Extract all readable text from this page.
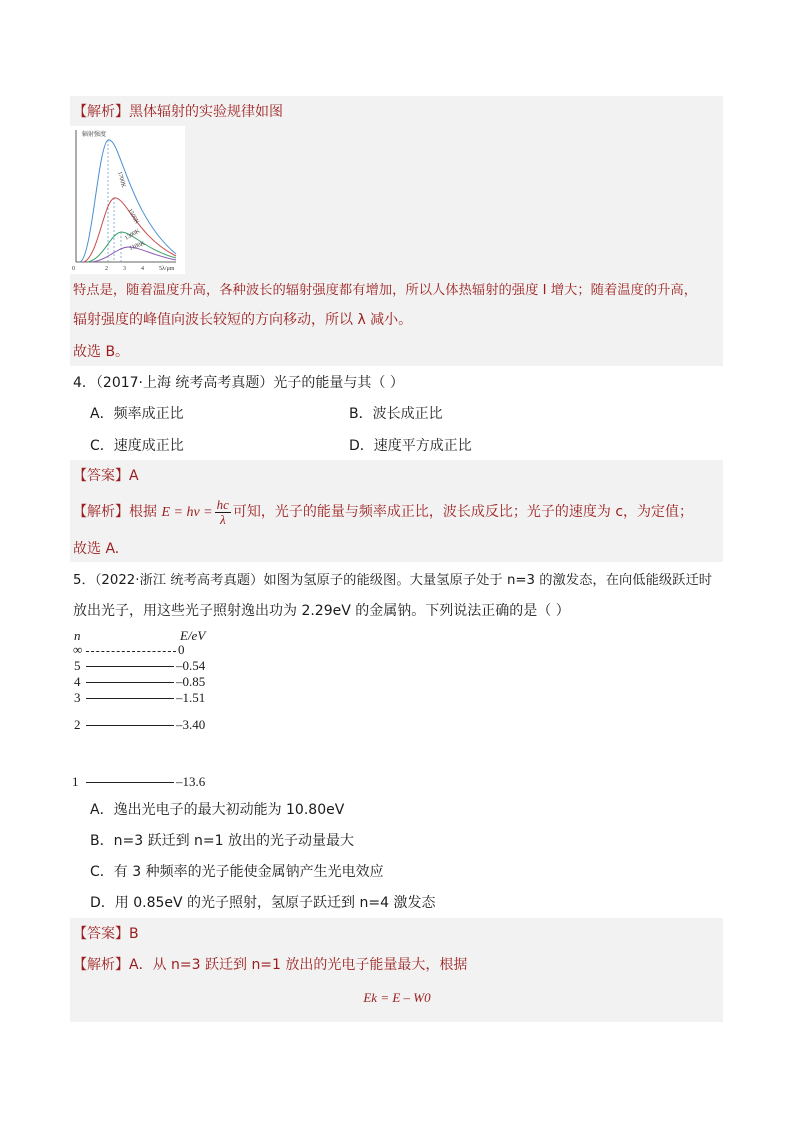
【解析】黑体辐射的实验规律如图
辐射强度
λ/μm
0	2	3	4	5
1700K
1500K
1300K
1100K
特点是，随着温度升高，各种波长的辐射强度都有增加，所以人体热辐射的强度 I 增大；随着温度的升高，
辐射强度的峰值向波长较短的方向移动，所以 λ 减小。
故选 B。
4．（2017·上海 统考高考真题）光子的能量与其（ ）
A．频率成正比	B．波长成正比
C．速度成正比	D．速度平方成正比
【答案】A
【解析】根据 $E = h\nu = \frac{hc}{\lambda}$ 可知，光子的能量与频率成正比，波长成反比；光子的速度为 c，为定值；
故选 A.
5．（2022·浙江 统考高考真题）如图为氢原子的能级图。大量氢原子处于 n=3 的激发态，在向低能级跃迁时
放出光子，用这些光子照射逸出功为 2.29eV 的金属钠。下列说法正确的是（ ）
n	E/eV
∞	0
5	–0.54
4	–0.85
3	–1.51
2	–3.40
1	–13.6
A．逸出光电子的最大初动能为 10.80eV
B．n=3 跃迁到 n=1 放出的光子动量最大
C．有 3 种频率的光子能使金属钠产生光电效应
D．用 0.85eV 的光子照射，氢原子跃迁到 n=4 激发态
【答案】B
【解析】A．从 n=3 跃迁到 n=1 放出的光电子能量最大，根据
Ek = E – W0
